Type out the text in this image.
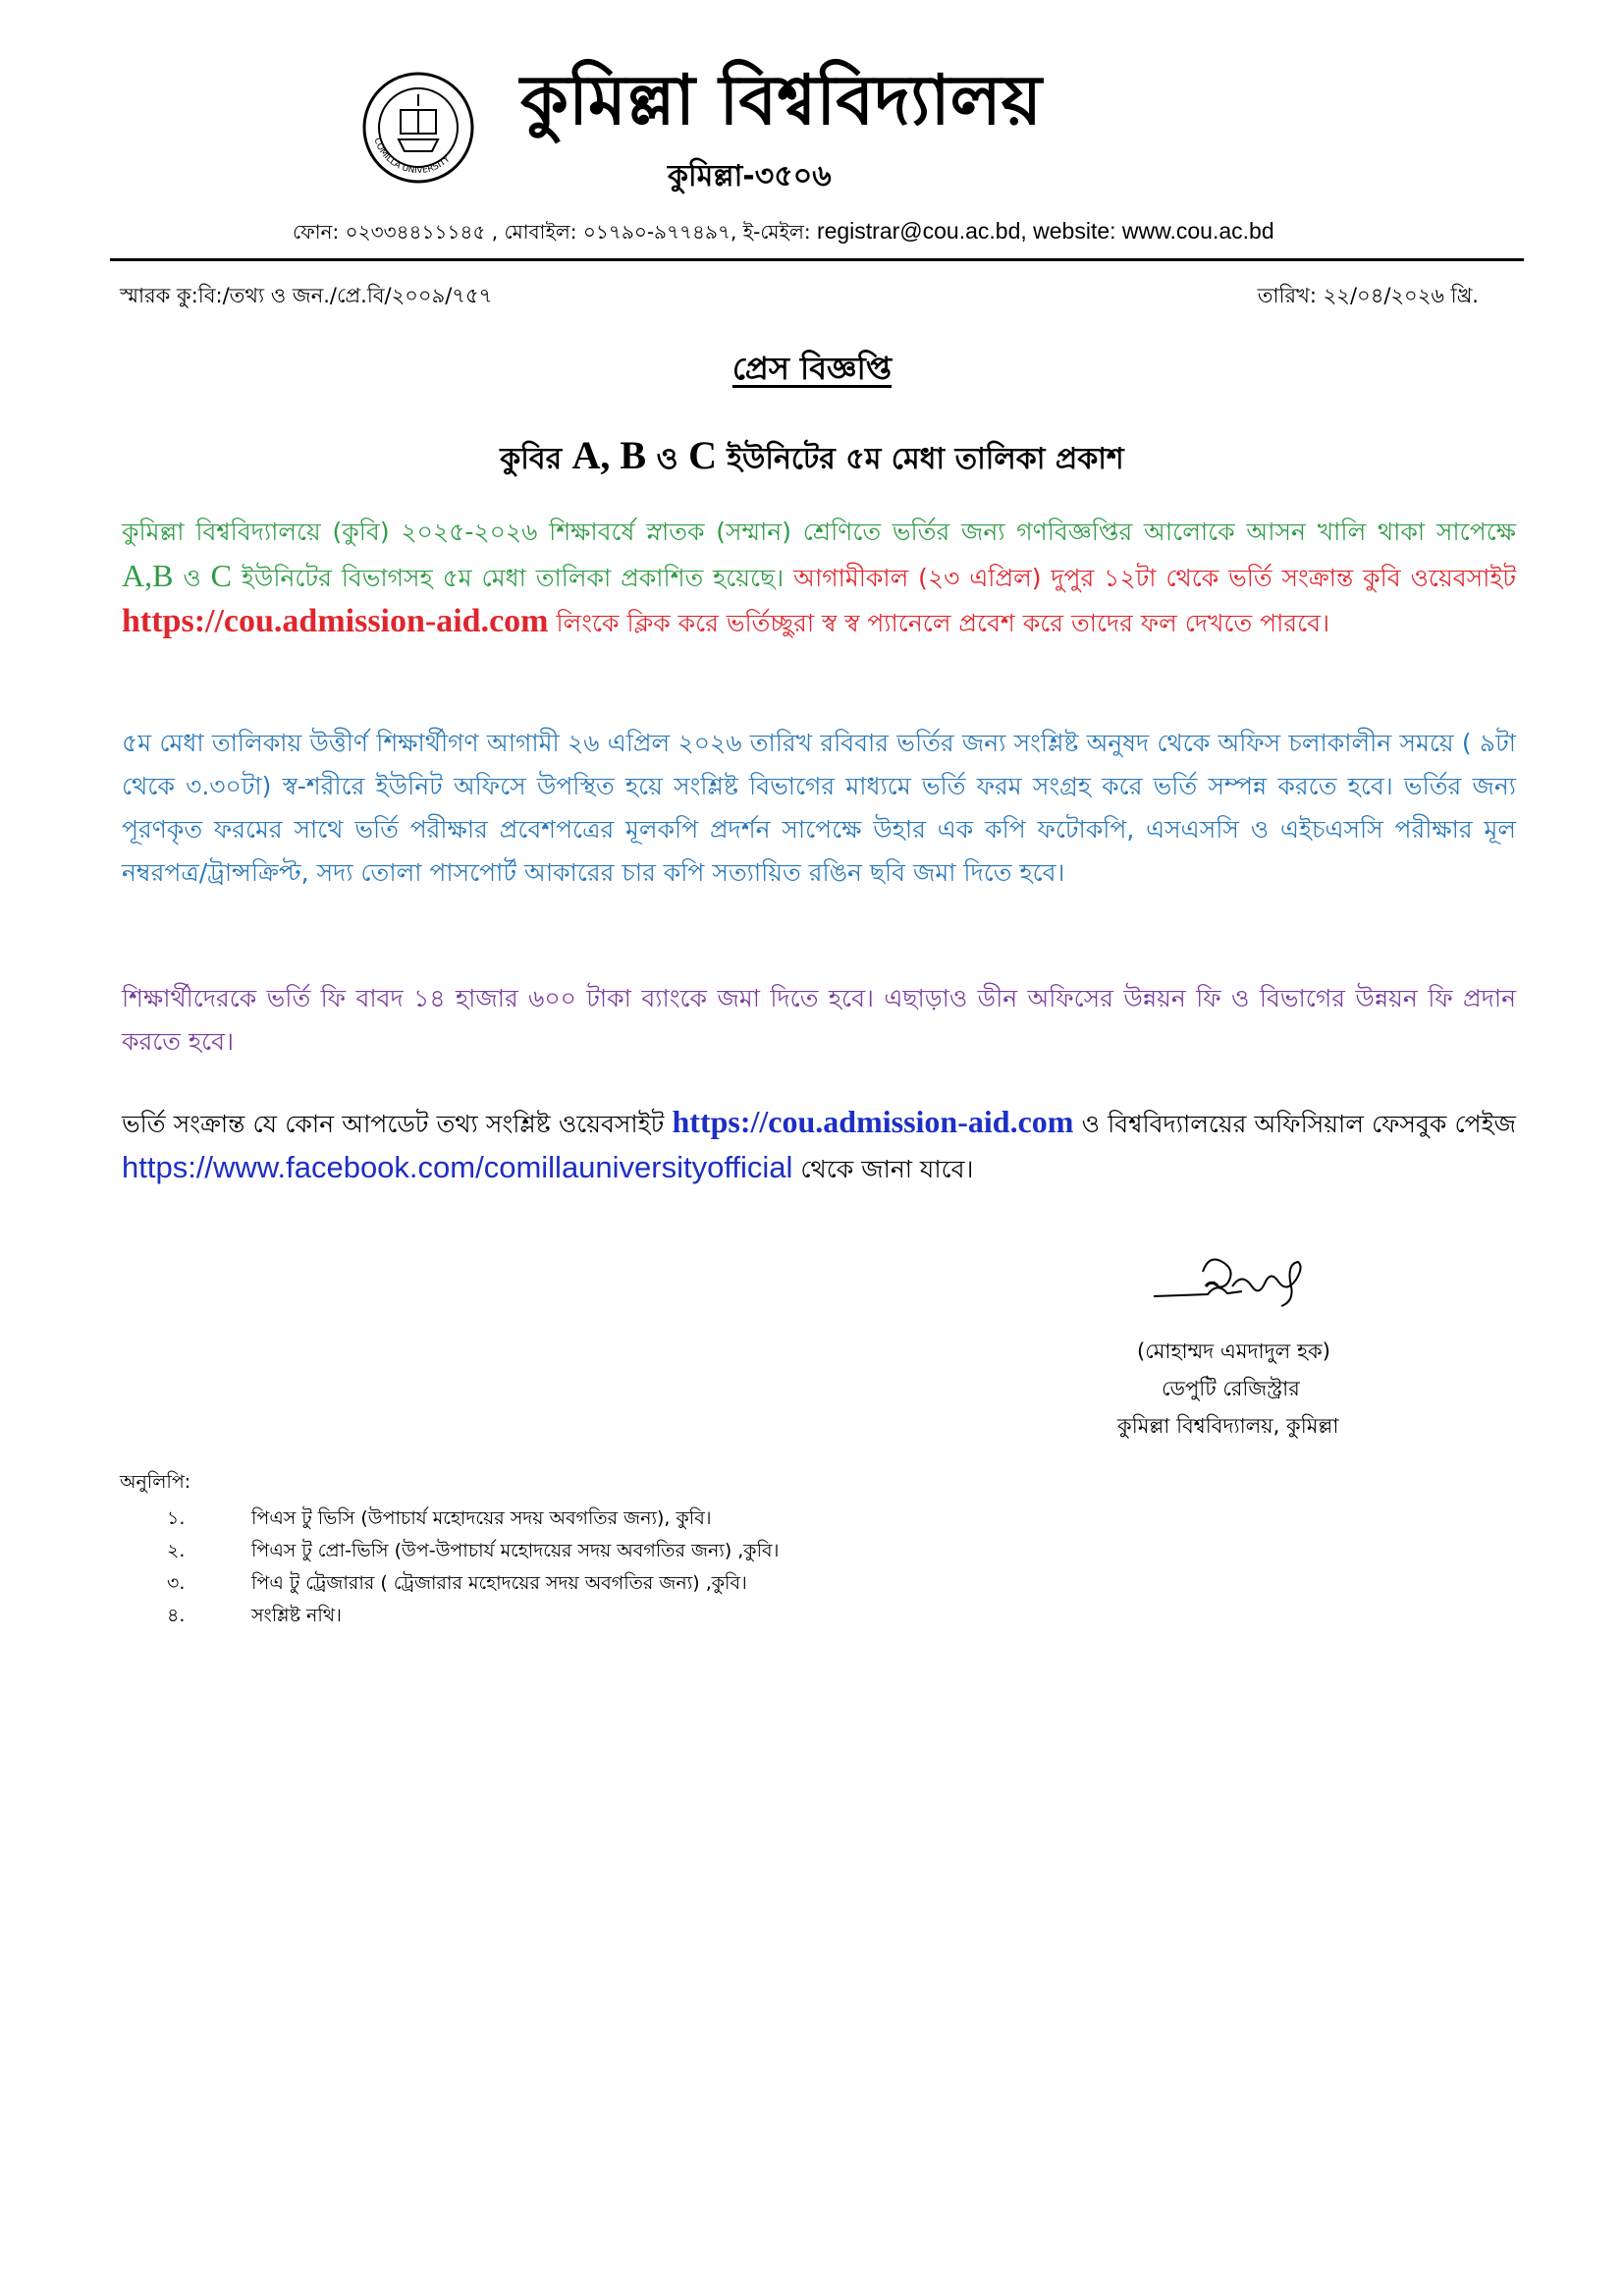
COMILLA UNIVERSITY
কুমিল্লা বিশ্ববিদ্যালয়
কুমিল্লা-৩৫০৬
ফোন: ০২৩৩৪৪১১১৪৫ , মোবাইল: ০১৭৯০-৯৭৭৪৯৭, ই-মেইল: registrar@cou.ac.bd, website: www.cou.ac.bd
স্মারক কু:বি:/তথ্য ও জন./প্রে.বি/২০০৯/৭৫৭	তারিখ: ২২/০৪/২০২৬ খ্রি.
প্রেস বিজ্ঞপ্তি
কুবির A, B ও C ইউনিটের ৫ম মেধা তালিকা প্রকাশ
কুমিল্লা বিশ্ববিদ্যালয়ে (কুবি) ২০২৫-২০২৬ শিক্ষাবর্ষে স্নাতক (সম্মান) শ্রেণিতে ভর্তির জন্য গণবিজ্ঞপ্তির আলোকে আসন খালি থাকা সাপেক্ষে A,B ও C ইউনিটের বিভাগসহ ৫ম মেধা তালিকা প্রকাশিত হয়েছে। আগামীকাল (২৩ এপ্রিল) দুপুর ১২টা থেকে ভর্তি সংক্রান্ত কুবি ওয়েবসাইট https://cou.admission-aid.com লিংকে ক্লিক করে ভর্তিচ্ছুরা স্ব স্ব প্যানেলে প্রবেশ করে তাদের ফল দেখতে পারবে।
৫ম মেধা তালিকায় উত্তীর্ণ শিক্ষার্থীগণ আগামী ২৬ এপ্রিল ২০২৬ তারিখ রবিবার ভর্তির জন্য সংশ্লিষ্ট অনুষদ থেকে অফিস চলাকালীন সময়ে ( ৯টা থেকে ৩.৩০টা) স্ব-শরীরে ইউনিট অফিসে উপস্থিত হয়ে সংশ্লিষ্ট বিভাগের মাধ্যমে ভর্তি ফরম সংগ্রহ করে ভর্তি সম্পন্ন করতে হবে। ভর্তির জন্য পূরণকৃত ফরমের সাথে ভর্তি পরীক্ষার প্রবেশপত্রের মূলকপি প্রদর্শন সাপেক্ষে উহার এক কপি ফটোকপি, এসএসসি ও এইচএসসি পরীক্ষার মূল নম্বরপত্র/ট্রান্সক্রিপ্ট, সদ্য তোলা পাসপোর্ট আকারের চার কপি সত্যায়িত রঙিন ছবি জমা দিতে হবে।
শিক্ষার্থীদেরকে ভর্তি ফি বাবদ ১৪ হাজার ৬০০ টাকা ব্যাংকে জমা দিতে হবে। এছাড়াও ডীন অফিসের উন্নয়ন ফি ও বিভাগের উন্নয়ন ফি প্রদান করতে হবে।
ভর্তি সংক্রান্ত যে কোন আপডেট তথ্য সংশ্লিষ্ট ওয়েবসাইট https://cou.admission-aid.com ও বিশ্ববিদ্যালয়ের অফিসিয়াল ফেসবুক পেইজ https://www.facebook.com/comillauniversityofficial থেকে জানা যাবে।
(মোহাম্মদ এমদাদুল হক)
ডেপুটি রেজিস্ট্রার
কুমিল্লা বিশ্ববিদ্যালয়, কুমিল্লা
অনুলিপি:
১.	পিএস টু ভিসি (উপাচার্য মহোদয়ের সদয় অবগতির জন্য), কুবি।
২.	পিএস টু প্রো-ভিসি (উপ-উপাচার্য মহোদয়ের সদয় অবগতির জন্য) ,কুবি।
৩.	পিএ টু ট্রেজারার ( ট্রেজারার মহোদয়ের সদয় অবগতির জন্য) ,কুবি।
৪.	সংশ্লিষ্ট নথি।
